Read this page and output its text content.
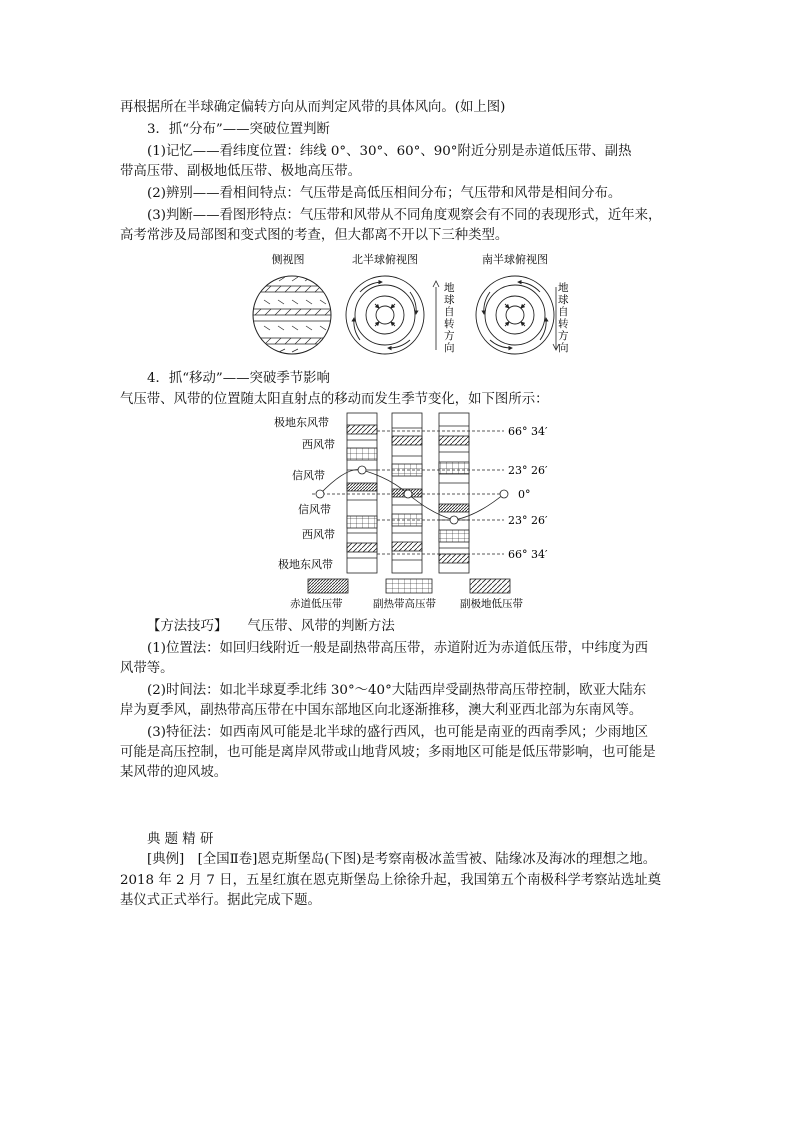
再根据所在半球确定偏转方向从而判定风带的具体风向。(如上图)
3．抓“分布”——突破位置判断
(1)记忆——看纬度位置：纬线 0°、30°、60°、90°附近分别是赤道低压带、副热
带高压带、副极地低压带、极地高压带。
(2)辨别——看相间特点：气压带是高低压相间分布；气压带和风带是相间分布。
(3)判断——看图形特点：气压带和风带从不同角度观察会有不同的表现形式，近年来，
高考常涉及局部图和变式图的考查，但大都离不开以下三种类型。
侧视图	北半球俯视图	南半球俯视图
地
球
自
转
方
向
地
球
自
转
方
向
4．抓“移动”——突破季节影响
气压带、风带的位置随太阳直射点的移动而发生季节变化，如下图所示：
极地东风带
西风带
信风带
信风带
西风带
极地东风带
66° 34′
23° 26′
0°
23° 26′
66° 34′
赤道低压带	副热带高压带 副极地低压带
【方法技巧】　　气压带、风带的判断方法
(1)位置法：如回归线附近一般是副热带高压带，赤道附近为赤道低压带，中纬度为西
风带等。
(2)时间法：如北半球夏季北纬 30°～40°大陆西岸受副热带高压带控制，欧亚大陆东
岸为夏季风，副热带高压带在中国东部地区向北逐渐推移，澳大利亚西北部为东南风等。
(3)特征法：如西南风可能是北半球的盛行西风，也可能是南亚的西南季风；少雨地区
可能是高压控制，也可能是离岸风带或山地背风坡；多雨地区可能是低压带影响，也可能是
某风带的迎风坡。
典 题 精 研
[典例]　[全国Ⅱ卷]恩克斯堡岛(下图)是考察南极冰盖雪被、陆缘冰及海冰的理想之地。
2018 年 2 月 7 日，五星红旗在恩克斯堡岛上徐徐升起，我国第五个南极科学考察站选址奠
基仪式正式举行。据此完成下题。
